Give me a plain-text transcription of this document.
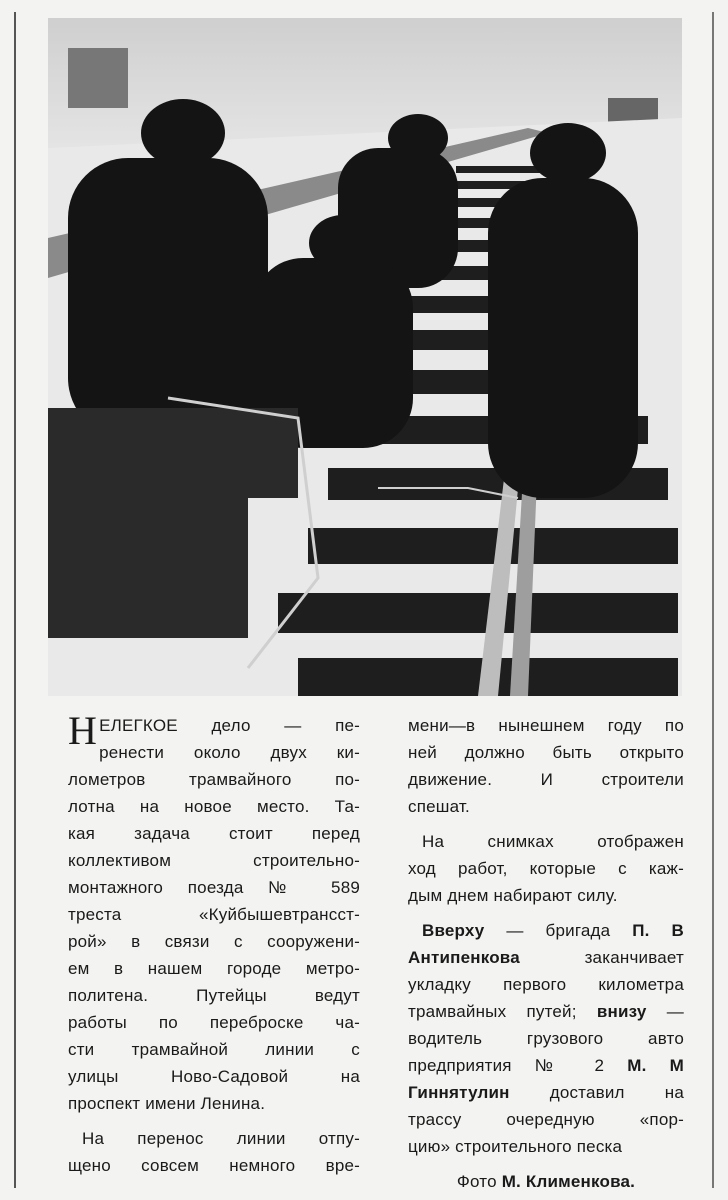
Н ЕЛЕГКОЕ дело — пе-
ренести около двух ки-
лометров трамвайного по-
лотна на новое место. Та-
кая задача стоит перед
коллективом строительно-
монтажного поезда № 589
треста «Куйбышевтрансст-
рой» в связи с сооружени-
ем в нашем городе метро-
политена. Путейцы ведут
работы по переброске ча-
сти трамвайной линии с
улицы Ново-Садовой на
проспект имени Ленина.

На перенос линии отпу-
щено совсем немного вре-

мени—в нынешнем году по
ней должно быть открыто
движение. И строители
спешат.

На снимках отображен
ход работ, которые с каж-
дым днем набирают силу.

Вверху — бригада П. В
Антипенкова заканчивает
укладку первого километра
трамвайных путей; внизу —
водитель грузового авто
предприятия № 2 М. М
Гиннятулин доставил на
трассу очередную «пор-
цию» строительного песка

Фото М. Клименкова.
